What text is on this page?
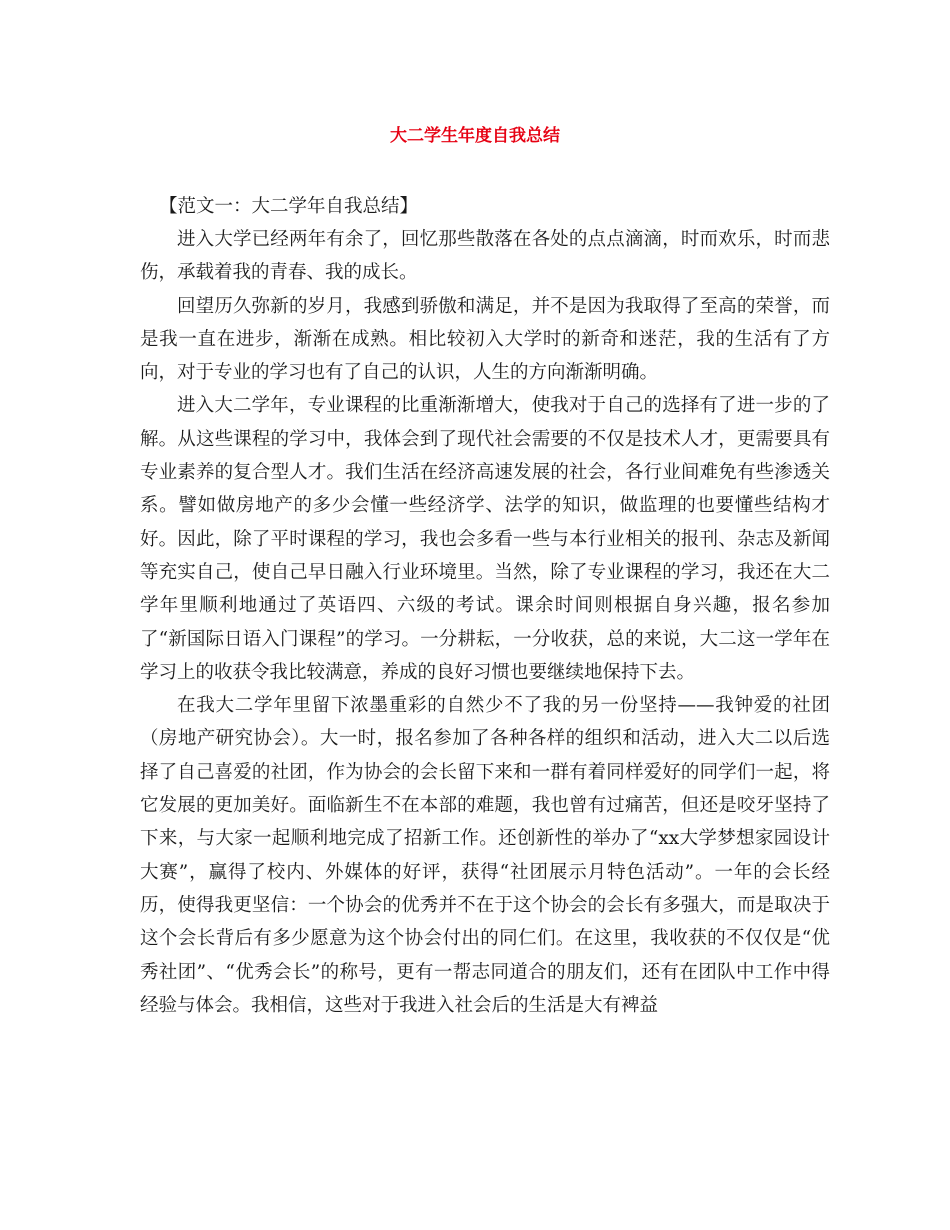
大二学生年度自我总结

【范文一：大二学年自我总结】

进入大学已经两年有余了，回忆那些散落在各处的点点滴滴，时而欢乐，时而悲伤，承载着我的青春、我的成长。

回望历久弥新的岁月，我感到骄傲和满足，并不是因为我取得了至高的荣誉，而是我一直在进步，渐渐在成熟。相比较初入大学时的新奇和迷茫，我的生活有了方向，对于专业的学习也有了自己的认识，人生的方向渐渐明确。

进入大二学年，专业课程的比重渐渐增大，使我对于自己的选择有了进一步的了解。从这些课程的学习中，我体会到了现代社会需要的不仅是技术人才，更需要具有专业素养的复合型人才。我们生活在经济高速发展的社会，各行业间难免有些渗透关系。譬如做房地产的多少会懂一些经济学、法学的知识，做监理的也要懂些结构才好。因此，除了平时课程的学习，我也会多看一些与本行业相关的报刊、杂志及新闻等充实自己，使自己早日融入行业环境里。当然，除了专业课程的学习，我还在大二学年里顺利地通过了英语四、六级的考试。课余时间则根据自身兴趣，报名参加了“新国际日语入门课程”的学习。一分耕耘，一分收获，总的来说，大二这一学年在学习上的收获令我比较满意，养成的良好习惯也要继续地保持下去。

在我大二学年里留下浓墨重彩的自然少不了我的另一份坚持——我钟爱的社团（房地产研究协会）。大一时，报名参加了各种各样的组织和活动，进入大二以后选择了自己喜爱的社团，作为协会的会长留下来和一群有着同样爱好的同学们一起，将它发展的更加美好。面临新生不在本部的难题，我也曾有过痛苦，但还是咬牙坚持了下来，与大家一起顺利地完成了招新工作。还创新性的举办了“xx大学梦想家园设计大赛”，赢得了校内、外媒体的好评，获得“社团展示月特色活动”。一年的会长经历，使得我更坚信：一个协会的优秀并不在于这个协会的会长有多强大，而是取决于这个会长背后有多少愿意为这个协会付出的同仁们。在这里，我收获的不仅仅是“优秀社团”、“优秀会长”的称号，更有一帮志同道合的朋友们，还有在团队中工作中得经验与体会。我相信，这些对于我进入社会后的生活是大有裨益
